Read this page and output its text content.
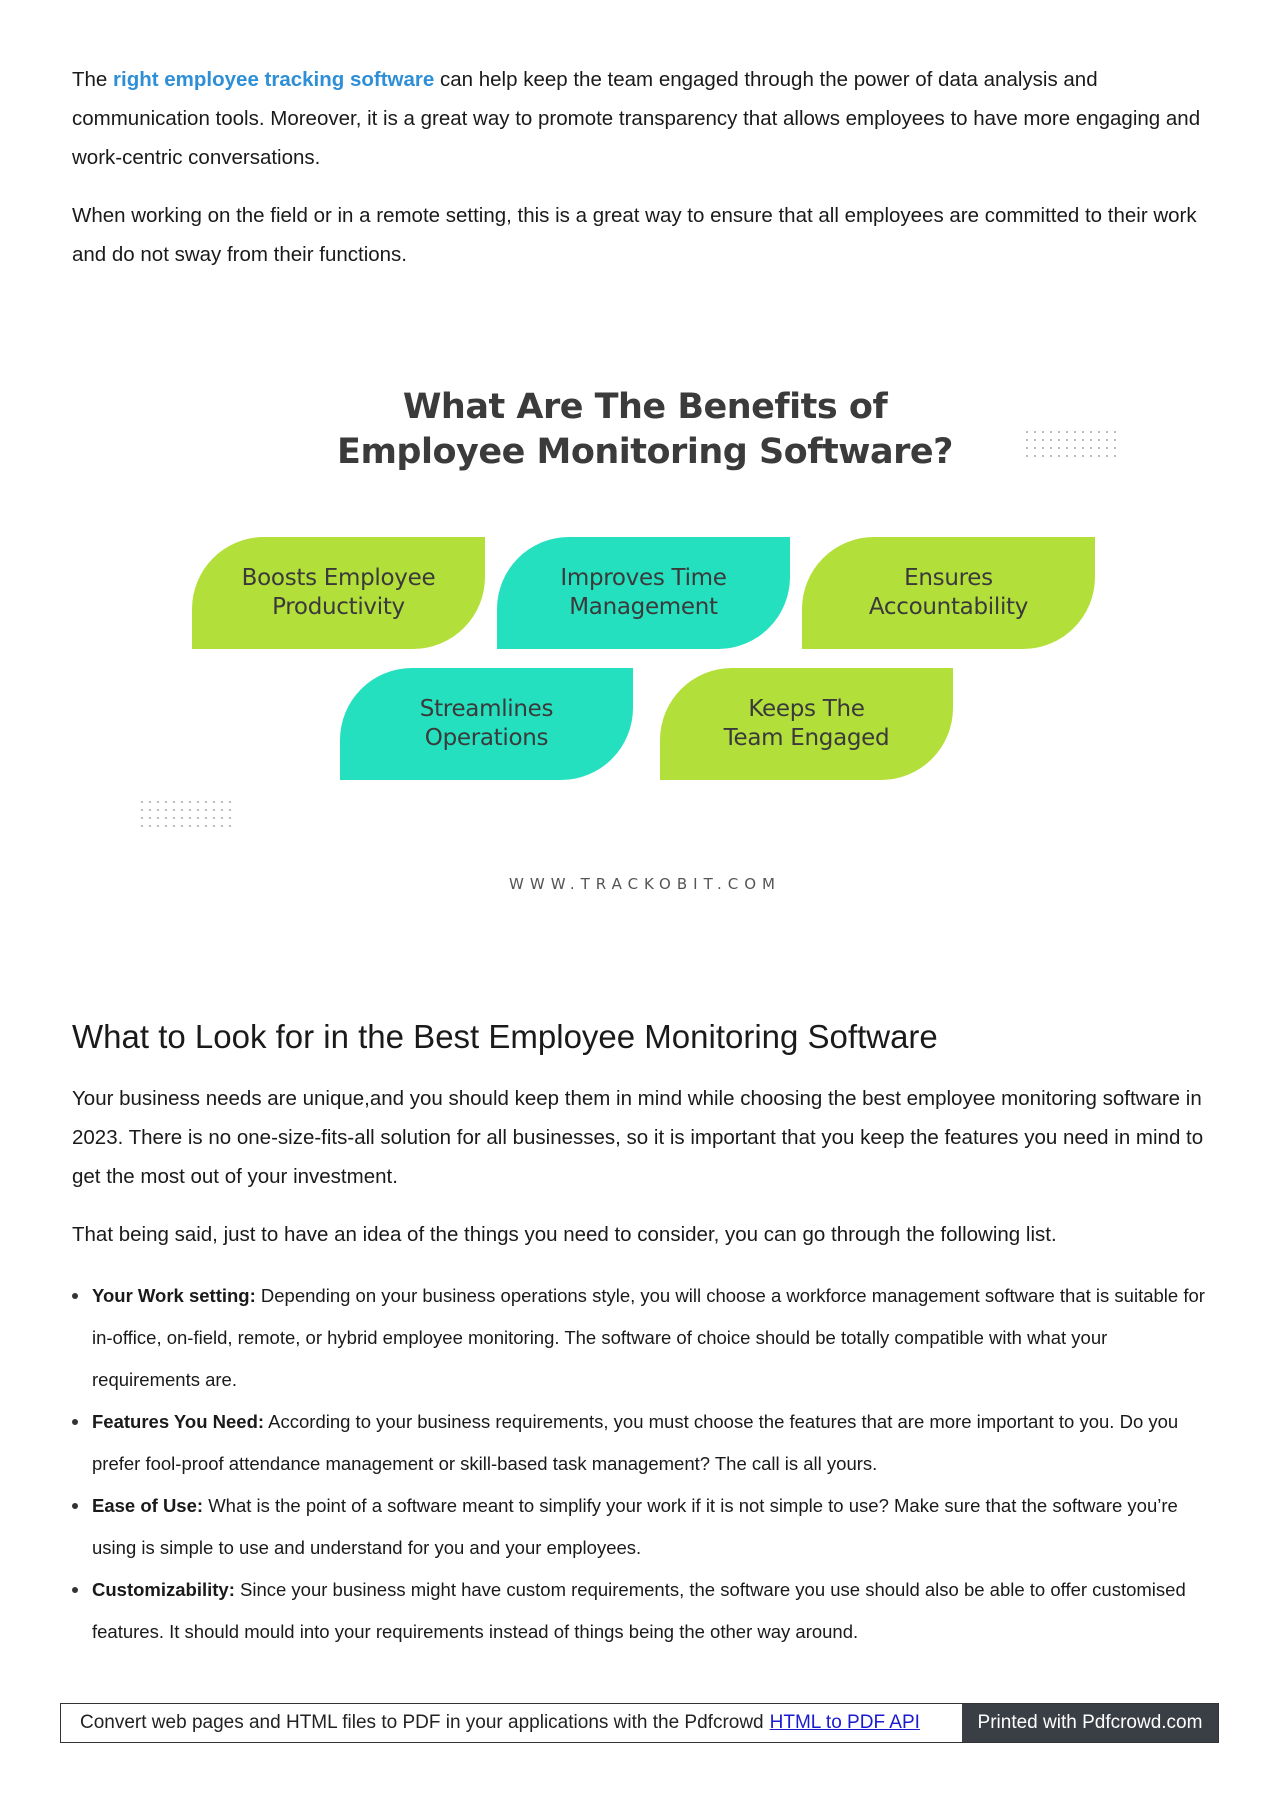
The right employee tracking software can help keep the team engaged through the power of data analysis and communication tools. Moreover, it is a great way to promote transparency that allows employees to have more engaging and work-centric conversations.

When working on the field or in a remote setting, this is a great way to ensure that all employees are committed to their work and do not sway from their functions.

What Are The Benefits of Employee Monitoring Software?
Boosts Employee
Productivity
Improves Time
Management
Ensures
Accountability
Streamlines
Operations
Keeps The
Team Engaged
WWW.TRACKOBIT.COM
What to Look for in the Best Employee Monitoring Software

Your business needs are unique,and you should keep them in mind while choosing the best employee monitoring software in 2023. There is no one-size-fits-all solution for all businesses, so it is important that you keep the features you need in mind to get the most out of your investment.

That being said, just to have an idea of the things you need to consider, you can go through the following list.

Your Work setting: Depending on your business operations style, you will choose a workforce management software that is suitable for in-office, on-field, remote, or hybrid employee monitoring. The software of choice should be totally compatible with what your requirements are.
Features You Need: According to your business requirements, you must choose the features that are more important to you. Do you prefer fool-proof attendance management or skill-based task management? The call is all yours.
Ease of Use: What is the point of a software meant to simplify your work if it is not simple to use? Make sure that the software you’re using is simple to use and understand for you and your employees.
Customizability: Since your business might have custom requirements, the software you use should also be able to offer customised features. It should mould into your requirements instead of things being the other way around.
Convert web pages and HTML files to PDF in your applications with the Pdfcrowd HTML to PDF API	Printed with Pdfcrowd.com
